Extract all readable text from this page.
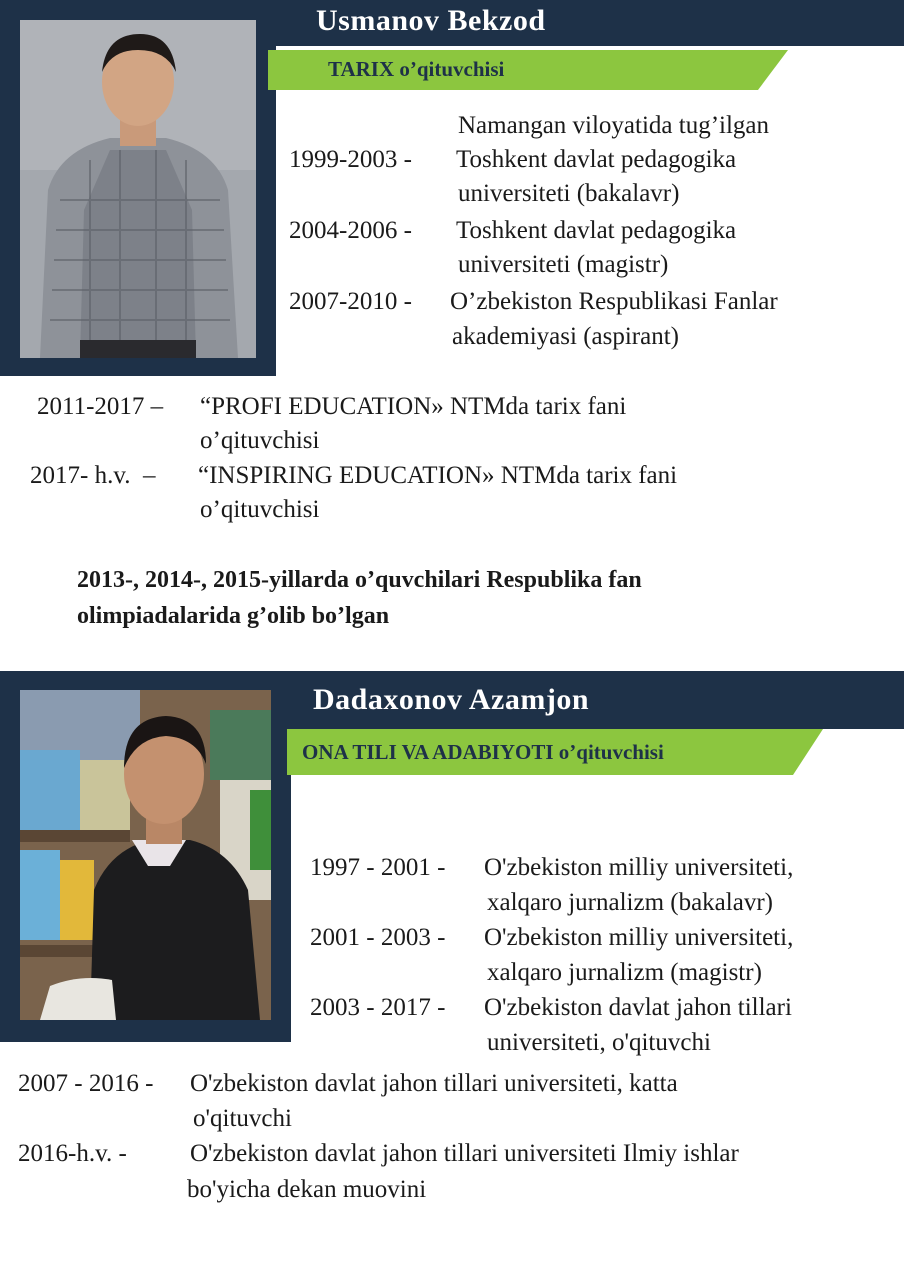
Usmanov Bekzod
TARIX o’qituvchisi
Namangan viloyatida tug’ilgan
1999-2003 - Toshkent davlat pedagogika
universiteti (bakalavr)
2004-2006 - Toshkent davlat pedagogika
universiteti (magistr)
2007-2010 - O’zbekiston Respublikasi Fanlar
akademiyasi (aspirant)
2011-2017 – “PROFI EDUCATION» NTMda tarix fani
o’qituvchisi
2017- h.v.  – “INSPIRING EDUCATION» NTMda tarix fani
o’qituvchisi
2013-, 2014-, 2015-yillarda o’quvchilari Respublika fan
olimpiadalarida g’olib bo’lgan
Dadaxonov Azamjon
ONA TILI VA ADABIYOTI o’qituvchisi
1997 - 2001 - O'zbekiston milliy universiteti,
xalqaro jurnalizm (bakalavr)
2001 - 2003 - O'zbekiston milliy universiteti,
xalqaro jurnalizm (magistr)
2003 - 2017 - O'zbekiston davlat jahon tillari
universiteti, o'qituvchi
2007 - 2016 - O'zbekiston davlat jahon tillari universiteti, katta
o'qituvchi
2016-h.v. -	O'zbekiston davlat jahon tillari universiteti Ilmiy ishlar
bo'yicha dekan muovini
